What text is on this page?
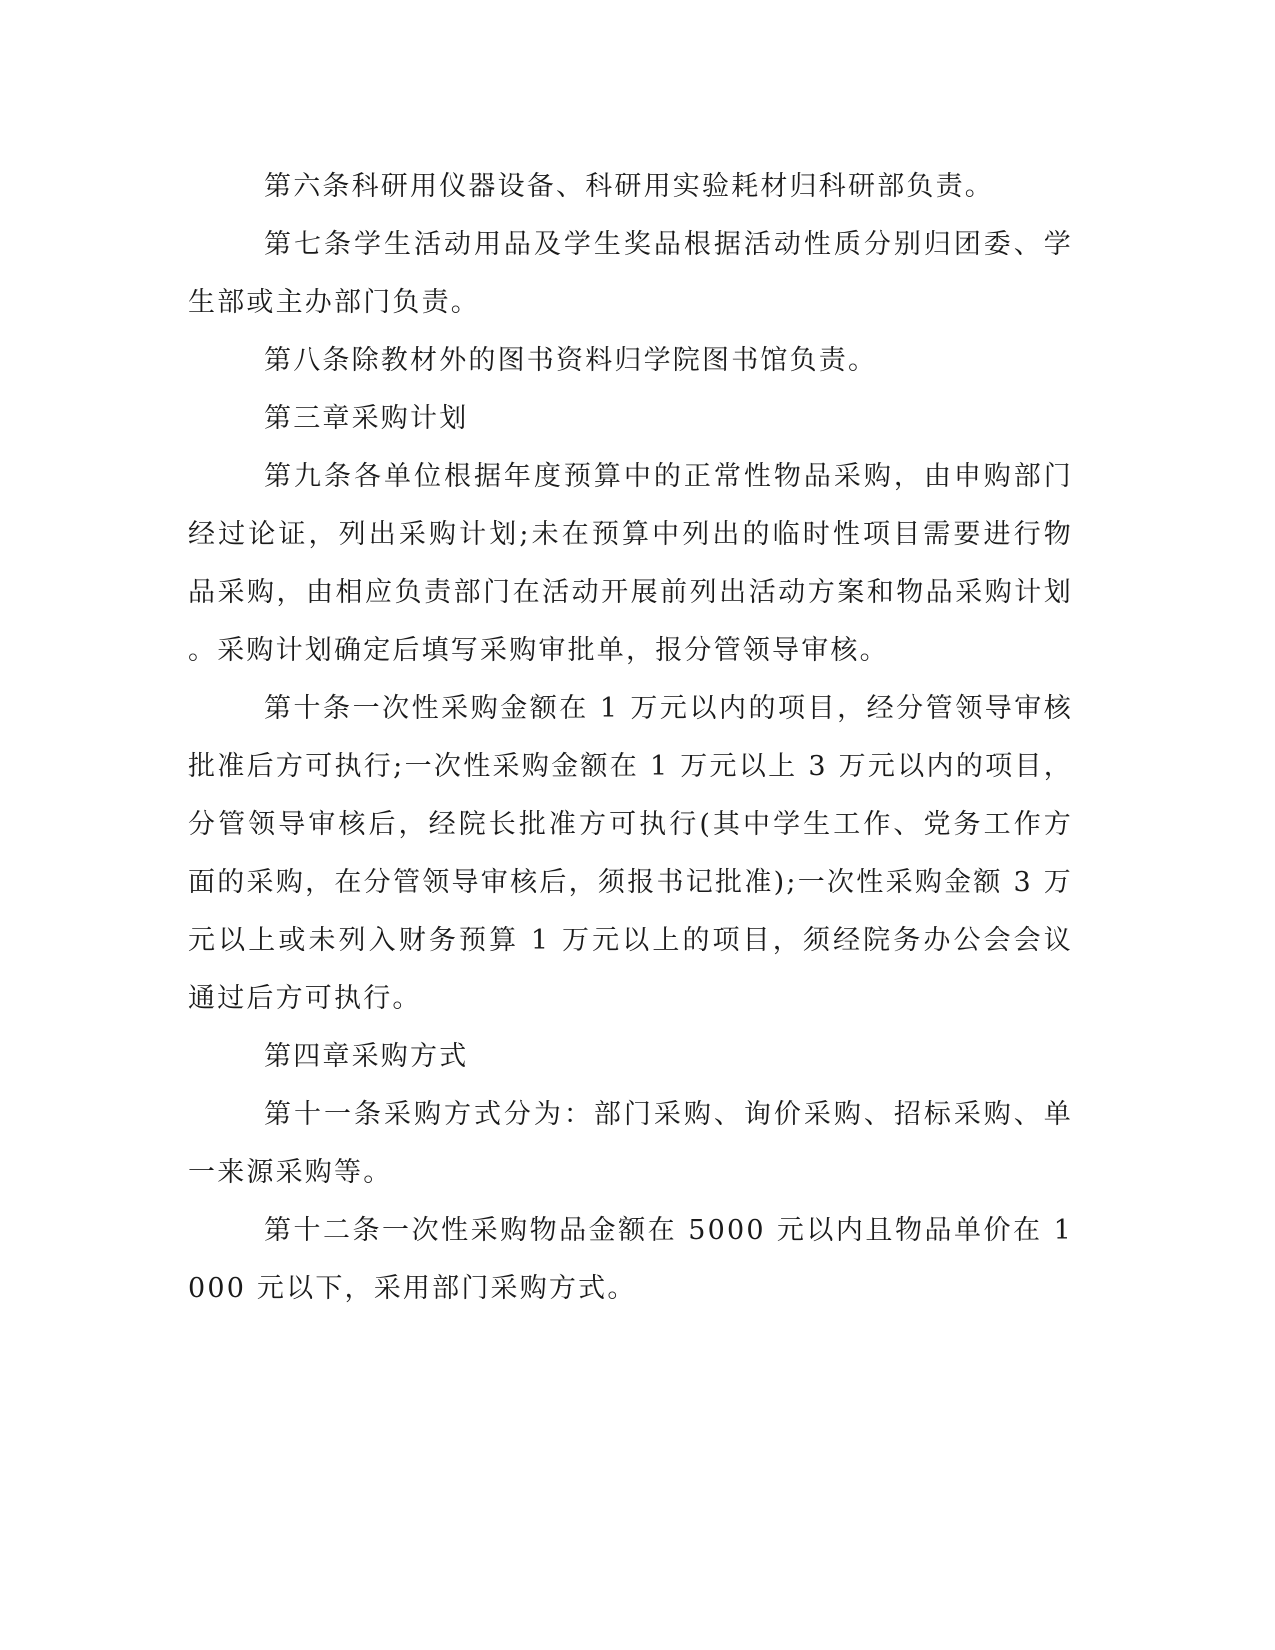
第六条科研用仪器设备、科研用实验耗材归科研部负责。

第七条学生活动用品及学生奖品根据活动性质分别归团委、学生部或主办部门负责。

第八条除教材外的图书资料归学院图书馆负责。

第三章采购计划

第九条各单位根据年度预算中的正常性物品采购，由申购部门经过论证，列出采购计划;未在预算中列出的临时性项目需要进行物品采购，由相应负责部门在活动开展前列出活动方案和物品采购计划。采购计划确定后填写采购审批单，报分管领导审核。

第十条一次性采购金额在 1 万元以内的项目，经分管领导审核批准后方可执行;一次性采购金额在 1 万元以上 3 万元以内的项目，分管领导审核后，经院长批准方可执行(其中学生工作、党务工作方面的采购，在分管领导审核后，须报书记批准);一次性采购金额 3 万元以上或未列入财务预算 1 万元以上的项目，须经院务办公会会议通过后方可执行。

第四章采购方式

第十一条采购方式分为：部门采购、询价采购、招标采购、单一来源采购等。

第十二条一次性采购物品金额在 5000 元以内且物品单价在 1000 元以下，采用部门采购方式。
